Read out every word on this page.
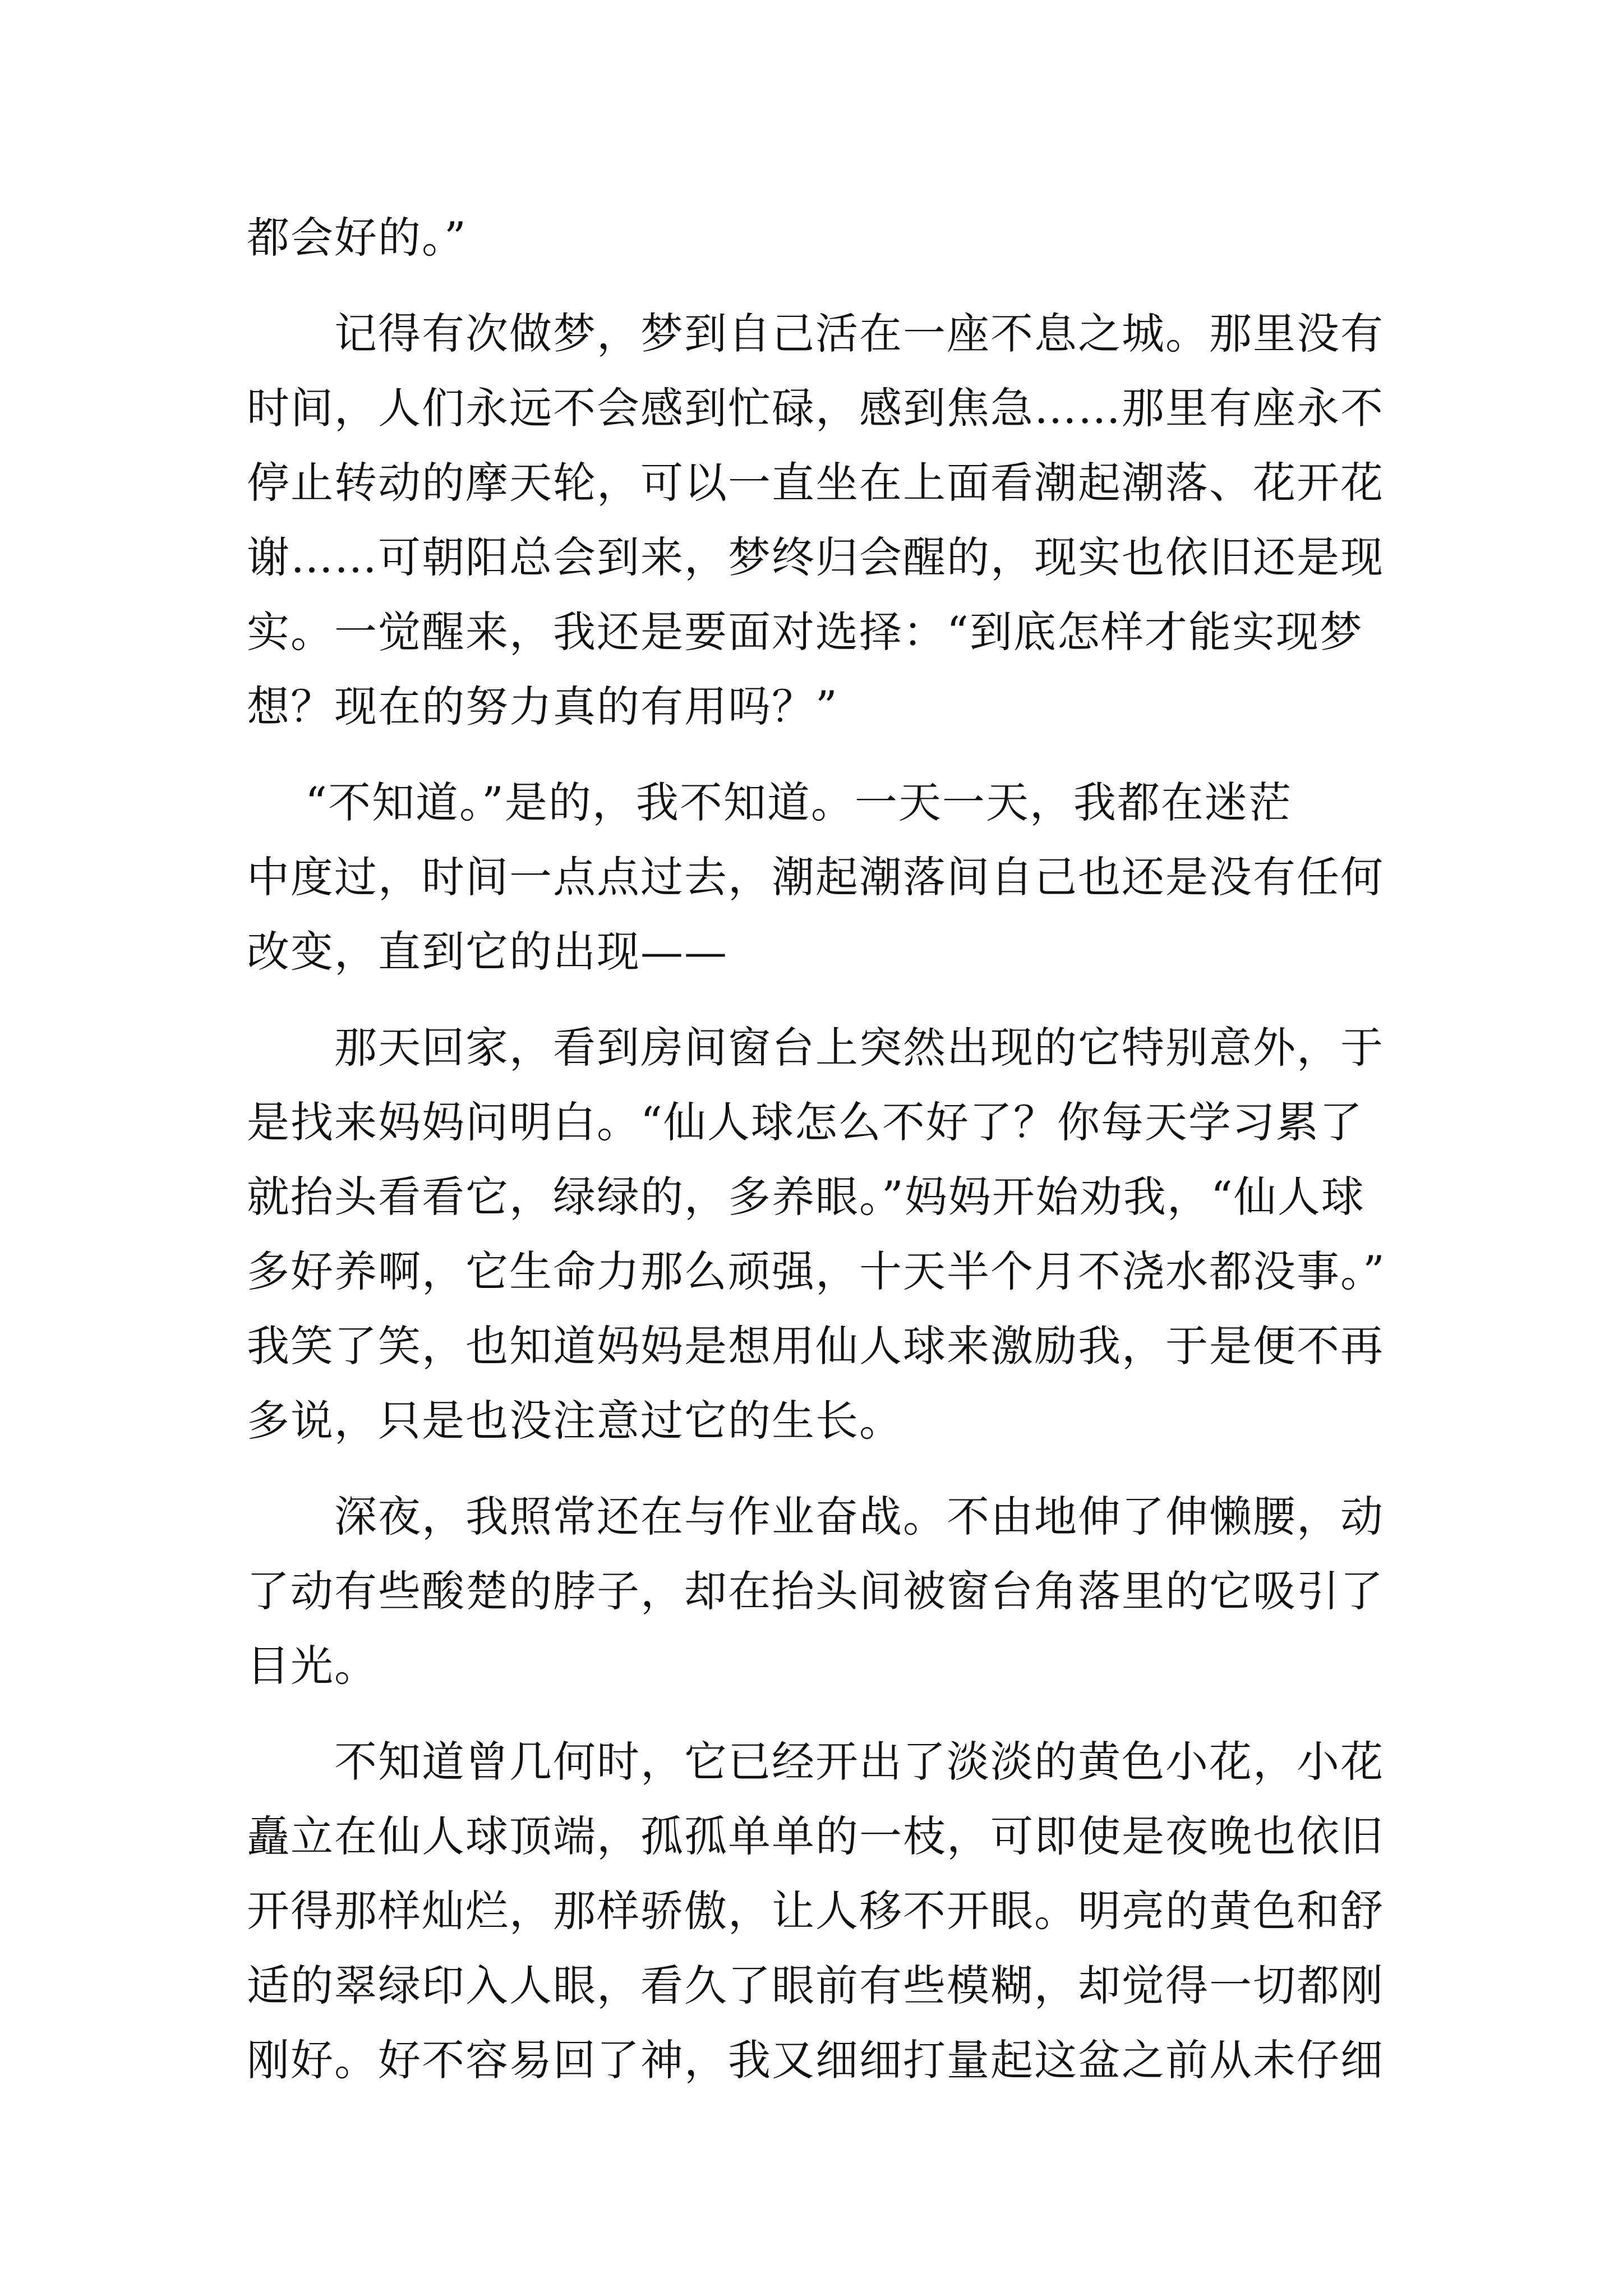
都会好的。”
　　记得有次做梦，梦到自己活在一座不息之城。那里没有
时间，人们永远不会感到忙碌，感到焦急……那里有座永不
停止转动的摩天轮，可以一直坐在上面看潮起潮落、花开花
谢……可朝阳总会到来，梦终归会醒的，现实也依旧还是现
实。一觉醒来，我还是要面对选择：“到底怎样才能实现梦
想？现在的努力真的有用吗？”
　 “不知道。”是的，我不知道。一天一天，我都在迷茫
中度过，时间一点点过去，潮起潮落间自己也还是没有任何
改变，直到它的出现——
　　那天回家，看到房间窗台上突然出现的它特别意外，于
是找来妈妈问明白。“仙人球怎么不好了？你每天学习累了
就抬头看看它，绿绿的，多养眼。”妈妈开始劝我，“仙人球
多好养啊，它生命力那么顽强，十天半个月不浇水都没事。”
我笑了笑，也知道妈妈是想用仙人球来激励我，于是便不再
多说，只是也没注意过它的生长。
　　深夜，我照常还在与作业奋战。不由地伸了伸懒腰，动
了动有些酸楚的脖子，却在抬头间被窗台角落里的它吸引了
目光。
　　不知道曾几何时，它已经开出了淡淡的黄色小花，小花
矗立在仙人球顶端，孤孤单单的一枝，可即使是夜晚也依旧
开得那样灿烂，那样骄傲，让人移不开眼。明亮的黄色和舒
适的翠绿印入人眼，看久了眼前有些模糊，却觉得一切都刚
刚好。好不容易回了神，我又细细打量起这盆之前从未仔细
